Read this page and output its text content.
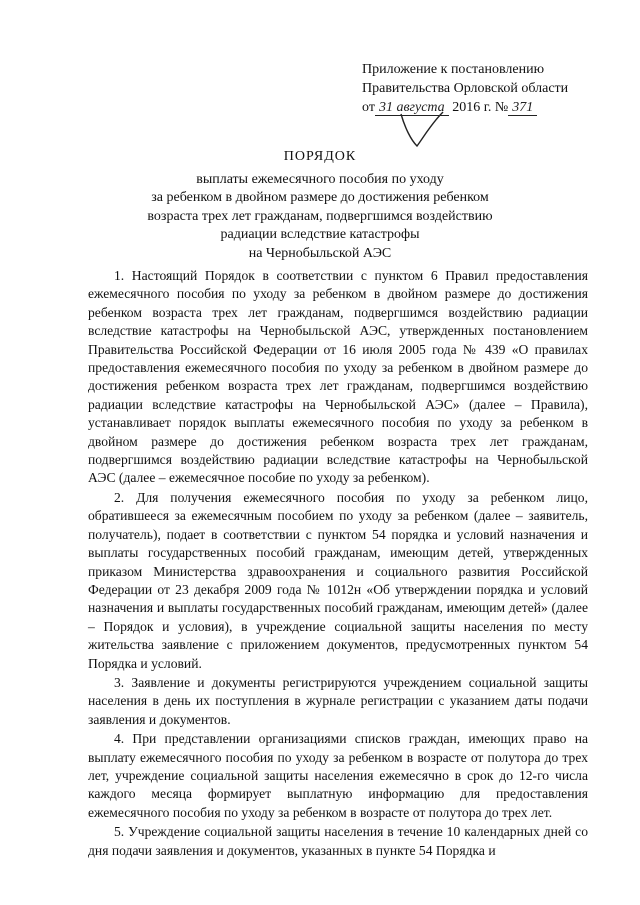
Приложение к постановлению
Правительства Орловской области
от 31 августа 2016 г. № 371
ПОРЯДОК
выплаты ежемесячного пособия по уходу
за ребенком в двойном размере до достижения ребенком
возраста трех лет гражданам, подвергшимся воздействию
радиации вследствие катастрофы
на Чернобыльской АЭС

1. Настоящий Порядок в соответствии с пунктом 6 Правил предоставления ежемесячного пособия по уходу за ребенком в двойном размере до достижения ребенком возраста трех лет гражданам, подвергшимся воздействию радиации вследствие катастрофы на Чернобыльской АЭС, утвержденных постановлением Правительства Российской Федерации от 16 июля 2005 года № 439 «О правилах предоставления ежемесячного пособия по уходу за ребенком в двойном размере до достижения ребенком возраста трех лет гражданам, подвергшимся воздействию радиации вследствие катастрофы на Чернобыльской АЭС» (далее – Правила), устанавливает порядок выплаты ежемесячного пособия по уходу за ребенком в двойном размере до достижения ребенком возраста трех лет гражданам, подвергшимся воздействию радиации вследствие катастрофы на Чернобыльской АЭС (далее – ежемесячное пособие по уходу за ребенком).

2. Для получения ежемесячного пособия по уходу за ребенком лицо, обратившееся за ежемесячным пособием по уходу за ребенком (далее – заявитель, получатель), подает в соответствии с пунктом 54 порядка и условий назначения и выплаты государственных пособий гражданам, имеющим детей, утвержденных приказом Министерства здравоохранения и социального развития Российской Федерации от 23 декабря 2009 года № 1012н «Об утверждении порядка и условий назначения и выплаты государственных пособий гражданам, имеющим детей» (далее – Порядок и условия), в учреждение социальной защиты населения по месту жительства заявление с приложением документов, предусмотренных пунктом 54 Порядка и условий.

3. Заявление и документы регистрируются учреждением социальной защиты населения в день их поступления в журнале регистрации с указанием даты подачи заявления и документов.

4. При представлении организациями списков граждан, имеющих право на выплату ежемесячного пособия по уходу за ребенком в возрасте от полутора до трех лет, учреждение социальной защиты населения ежемесячно в срок до 12-го числа каждого месяца формирует выплатную информацию для предоставления ежемесячного пособия по уходу за ребенком в возрасте от полутора до трех лет.

5. Учреждение социальной защиты населения в течение 10 календарных дней со дня подачи заявления и документов, указанных в пункте 54 Порядка и
